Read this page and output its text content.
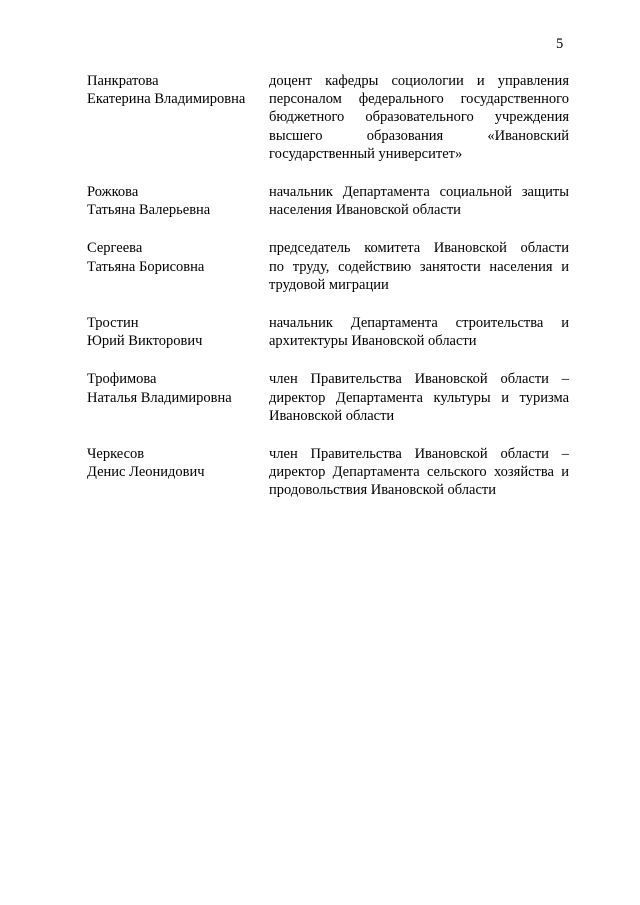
5
Панкратова
Екатерина Владимировна
доцент кафедры социологии и управления
персоналом федерального государственного
бюджетного образовательного учреждения
высшего образования «Ивановский
государственный университет»
Рожкова
Татьяна Валерьевна
начальник Департамента социальной защиты
населения Ивановской области
Сергеева
Татьяна Борисовна
председатель комитета Ивановской области
по труду, содействию занятости населения и
трудовой миграции
Тростин
Юрий Викторович
начальник Департамента строительства и
архитектуры Ивановской области
Трофимова
Наталья Владимировна
член Правительства Ивановской области –
директор Департамента культуры и туризма
Ивановской области
Черкесов
Денис Леонидович
член Правительства Ивановской области –
директор Департамента сельского хозяйства и
продовольствия Ивановской области
